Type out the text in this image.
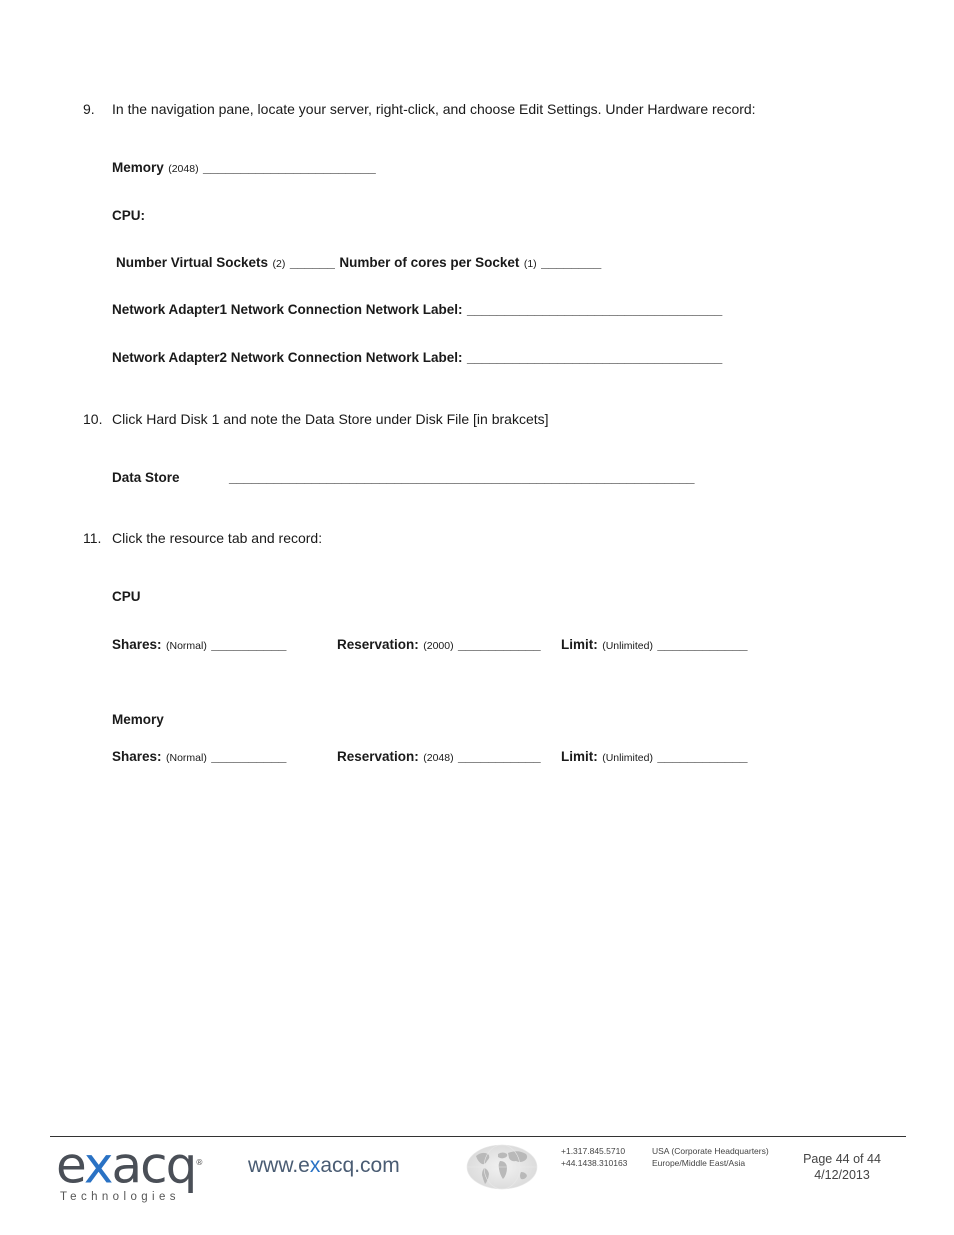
9. In the navigation pane, locate your server, right-click, and choose Edit Settings. Under Hardware record:
Memory (2048) _______________________
CPU:
Number Virtual Sockets (2) ______ Number of cores per Socket (1) ________
Network Adapter1 Network Connection Network Label: __________________________________
Network Adapter2 Network Connection Network Label: __________________________________
10. Click Hard Disk 1 and note the Data Store under Disk File [in brakcets]
Data Store	______________________________________________________________
11. Click the resource tab and record:
CPU
Shares: (Normal) __________	Reservation: (2000) ___________ Limit: (Unlimited) ____________
Memory
Shares: (Normal) __________	Reservation: (2048) ___________ Limit: (Unlimited) ____________
exacq®
Technologies
www.exacq.com
+1.317.845.5710
+44.1438.310163
USA (Corporate Headquarters)
Europe/Middle East/Asia	Page 44 of 44
4/12/2013
